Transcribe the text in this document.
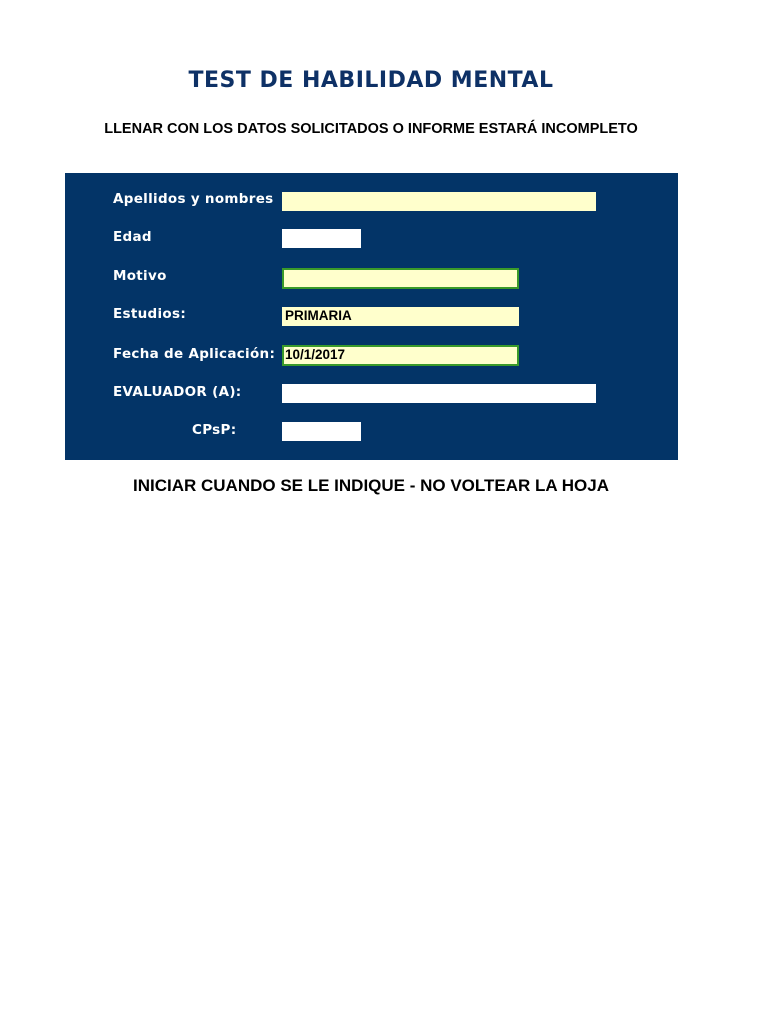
TEST DE HABILIDAD MENTAL
LLENAR CON LOS DATOS SOLICITADOS O INFORME ESTARÁ INCOMPLETO
Apellidos y nombres
Edad
Motivo
Estudios:	PRIMARIA
Fecha de Aplicación: 10/1/2017
EVALUADOR (A):
CPsP:
INICIAR CUANDO SE LE INDIQUE - NO VOLTEAR LA HOJA
